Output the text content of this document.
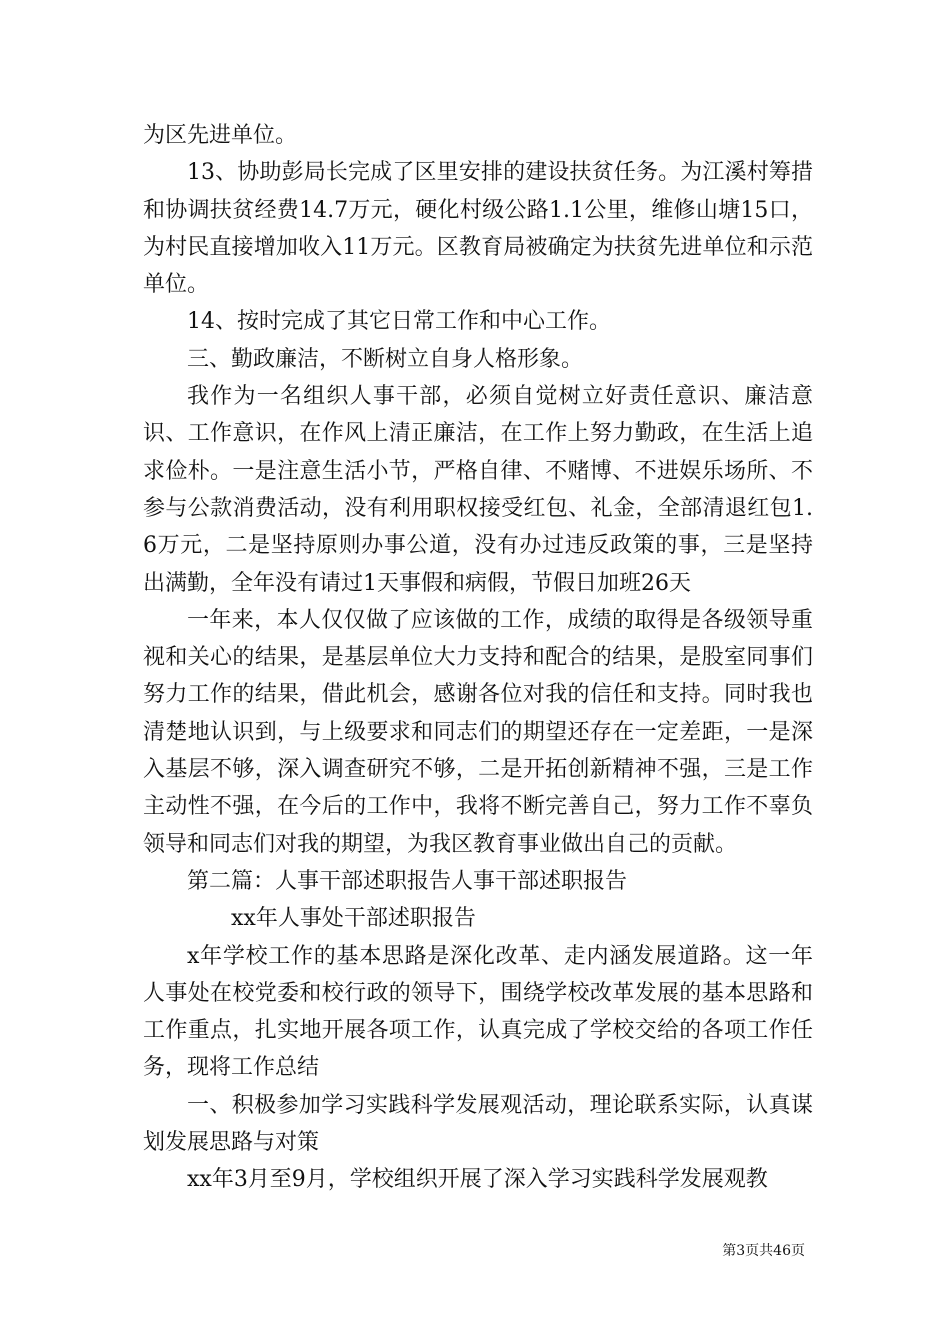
为区先进单位。

13、协助彭局长完成了区里安排的建设扶贫任务。为江溪村筹措和协调扶贫经费14.7万元，硬化村级公路1.1公里，维修山塘15口，为村民直接增加收入11万元。区教育局被确定为扶贫先进单位和示范单位。

14、按时完成了其它日常工作和中心工作。

三、勤政廉洁，不断树立自身人格形象。

我作为一名组织人事干部，必须自觉树立好责任意识、廉洁意识、工作意识，在作风上清正廉洁，在工作上努力勤政，在生活上追求俭朴。一是注意生活小节，严格自律、不赌博、不进娱乐场所、不参与公款消费活动，没有利用职权接受红包、礼金，全部清退红包1.6万元，二是坚持原则办事公道，没有办过违反政策的事，三是坚持出满勤，全年没有请过1天事假和病假，节假日加班26天

一年来，本人仅仅做了应该做的工作，成绩的取得是各级领导重视和关心的结果，是基层单位大力支持和配合的结果，是股室同事们努力工作的结果，借此机会，感谢各位对我的信任和支持。同时我也清楚地认识到，与上级要求和同志们的期望还存在一定差距，一是深入基层不够，深入调查研究不够，二是开拓创新精神不强，三是工作主动性不强，在今后的工作中，我将不断完善自己，努力工作不辜负领导和同志们对我的期望，为我区教育事业做出自己的贡献。

第二篇：人事干部述职报告人事干部述职报告

xx年人事处干部述职报告

x年学校工作的基本思路是深化改革、走内涵发展道路。这一年人事处在校党委和校行政的领导下，围绕学校改革发展的基本思路和工作重点，扎实地开展各项工作，认真完成了学校交给的各项工作任务，现将工作总结

一、积极参加学习实践科学发展观活动，理论联系实际，认真谋划发展思路与对策

xx年3月至9月，学校组织开展了深入学习实践科学发展观教

第3页共46页
